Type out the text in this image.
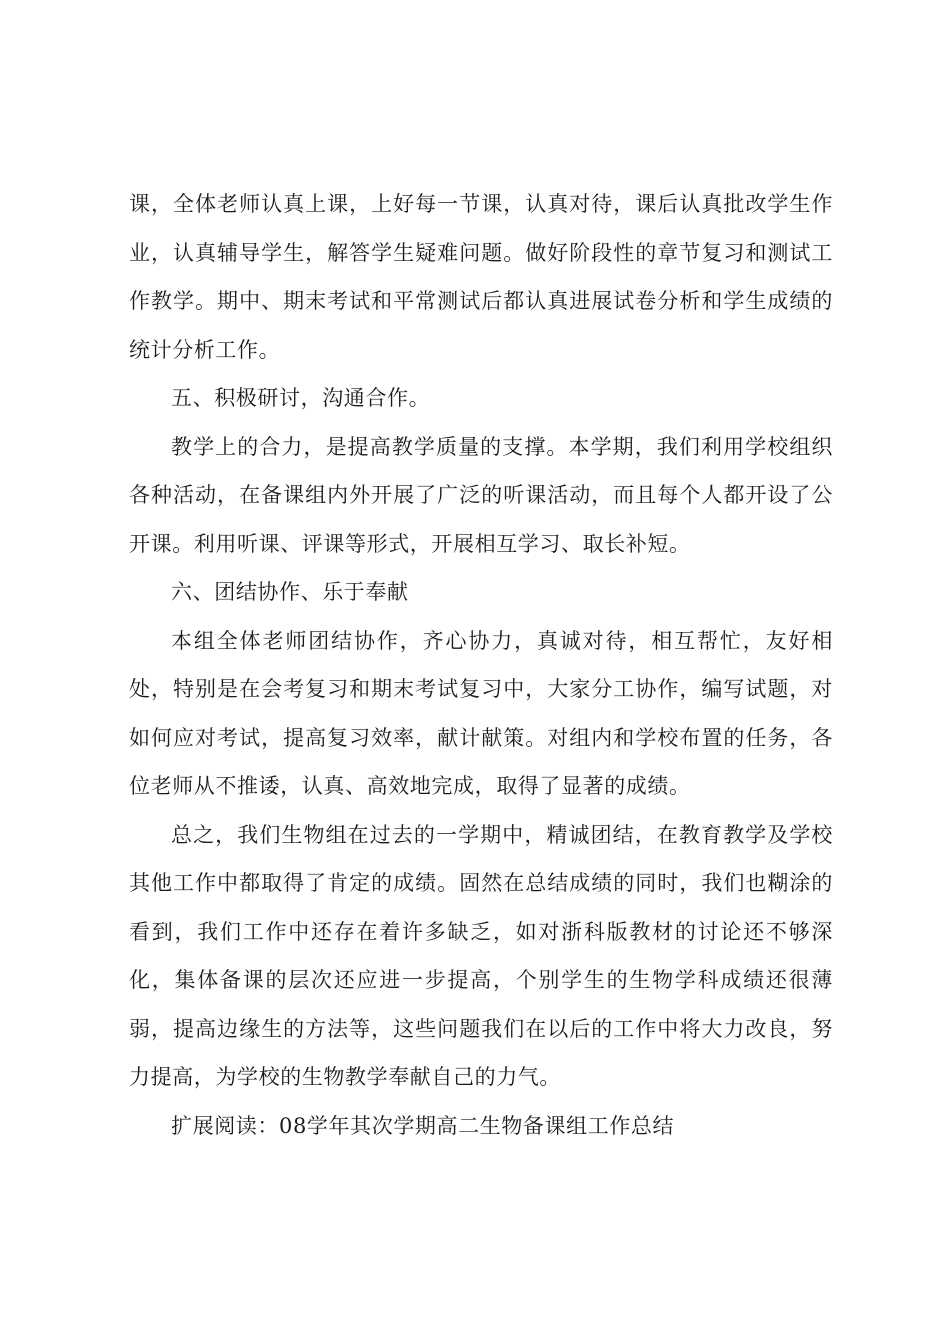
课，全体老师认真上课，上好每一节课，认真对待，课后认真批改学生作业，认真辅导学生，解答学生疑难问题。做好阶段性的章节复习和测试工作教学。期中、期末考试和平常测试后都认真进展试卷分析和学生成绩的统计分析工作。

五、积极研讨，沟通合作。

教学上的合力，是提高教学质量的支撑。本学期，我们利用学校组织各种活动，在备课组内外开展了广泛的听课活动，而且每个人都开设了公开课。利用听课、评课等形式，开展相互学习、取长补短。

六、团结协作、乐于奉献

本组全体老师团结协作，齐心协力，真诚对待，相互帮忙，友好相处，特别是在会考复习和期末考试复习中，大家分工协作，编写试题，对如何应对考试，提高复习效率，献计献策。对组内和学校布置的任务，各位老师从不推诿，认真、高效地完成，取得了显著的成绩。

总之，我们生物组在过去的一学期中，精诚团结，在教育教学及学校其他工作中都取得了肯定的成绩。固然在总结成绩的同时，我们也糊涂的看到，我们工作中还存在着许多缺乏，如对浙科版教材的讨论还不够深化，集体备课的层次还应进一步提高，个别学生的生物学科成绩还很薄弱，提高边缘生的方法等，这些问题我们在以后的工作中将大力改良，努力提高，为学校的生物教学奉献自己的力气。

扩展阅读：08学年其次学期高二生物备课组工作总结
